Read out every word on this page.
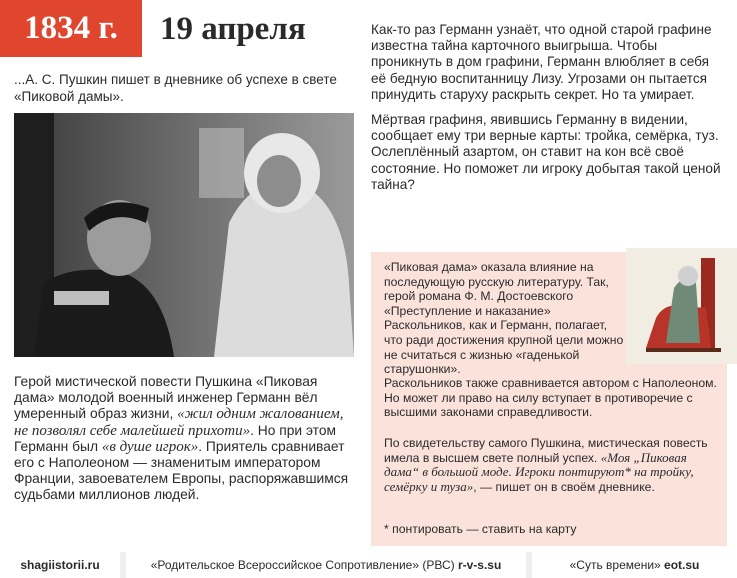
1834 г.	19 апреля
...А. С. Пушкин пишет в дневнике об успехе в свете «Пиковой дамы».
Герой мистической повести Пушкина «Пиковая дама» молодой военный инженер Германн вёл умеренный образ жизни, «жил одним жалованием, не позволял себе малейшей прихоти». Но при этом Германн был «в душе игрок». Приятель сравнивает его с Наполеоном — знаменитым императором Франции, завоевателем Европы, распоряжавшимся судьбами миллионов людей.

Как-то раз Германн узнаёт, что одной старой графине известна тайна карточного выигрыша. Чтобы проникнуть в дом графини, Германн влюбляет в себя её бедную воспитанницу Лизу. Угрозами он пытается принудить старуху раскрыть секрет. Но та умирает.

Мёртвая графиня, явившись Германну в видении, сообщает ему три верные карты: тройка, семёрка, туз. Ослеплённый азартом, он ставит на кон всё своё состояние. Но поможет ли игроку добытая такой ценой тайна?

«Пиковая дама» оказала влияние на последующую русскую литературу. Так, герой романа Ф. М. Достоевского «Преступление и наказание» Раскольников, как и Германн, полагает, что ради достижения крупной цели можно не считаться с жизнью «гаденькой старушонки».

Раскольников также сравнивается автором с Наполеоном. Но может ли право на силу вступает в противоречие с высшими законами справедливости.

По свидетельству самого Пушкина, мистическая повесть имела в высшем свете полный успех. «Моя „Пиковая дама“ в большой моде. Игроки понтируют* на тройку, семёрку и туза», — пишет он в своём дневнике.

* понтировать — ставить на карту

shagiistorii.ru	«Родительское Всероссийское Сопротивление» (РВС) r-v-s.su	«Суть времени» eot.su
